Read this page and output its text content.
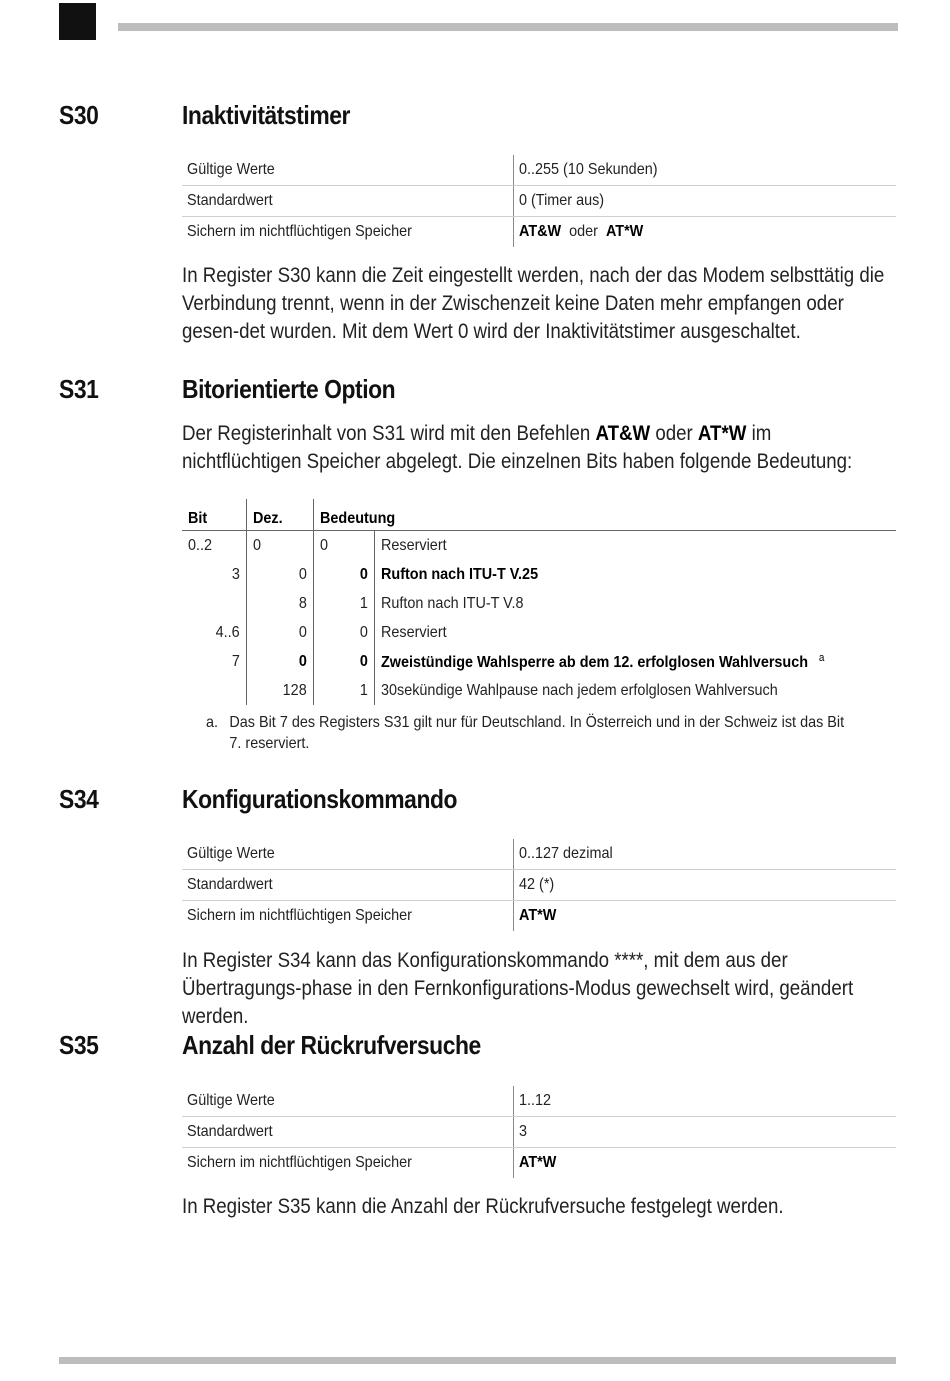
S30	Inaktivitätstimer
Gültige Werte	0..255 (10 Sekunden)
Standardwert	0 (Timer aus)
Sichern im nichtflüchtigen Speicher	AT&W oder AT*W
In Register S30 kann die Zeit eingestellt werden, nach der das Modem selbsttätig die Verbindung trennt, wenn in der Zwischenzeit keine Daten mehr empfangen oder gesen-det wurden. Mit dem Wert 0 wird der Inaktivitätstimer ausgeschaltet.
S31	Bitorientierte Option
Der Registerinhalt von S31 wird mit den Befehlen AT&W oder AT*W im nichtflüchtigen Speicher abgelegt. Die einzelnen Bits haben folgende Bedeutung:
Bit	Dez.	Bedeutung	
0..2	0	0	Reserviert
3	0	0	Rufton nach ITU-T V.25
	8	1	Rufton nach ITU-T V.8
4..6	0	0	Reserviert
7	0	0	Zweistündige Wahlsperre ab dem 12. erfolglosen Wahlversuch $^a$
	128	1	30sekündige Wahlpause nach jedem erfolglosen Wahlversuch
a. Das Bit 7 des Registers S31 gilt nur für Deutschland. In Österreich und in der Schweiz ist das Bit 7. reserviert.
S34	Konfigurationskommando
Gültige Werte	0..127 dezimal
Standardwert	42 (*)
Sichern im nichtflüchtigen Speicher	AT*W
In Register S34 kann das Konfigurationskommando ****, mit dem aus der Übertragungs-phase in den Fernkonfigurations-Modus gewechselt wird, geändert werden.
S35	Anzahl der Rückrufversuche
Gültige Werte	1..12
Standardwert	3
Sichern im nichtflüchtigen Speicher	AT*W
In Register S35 kann die Anzahl der Rückrufversuche festgelegt werden.
